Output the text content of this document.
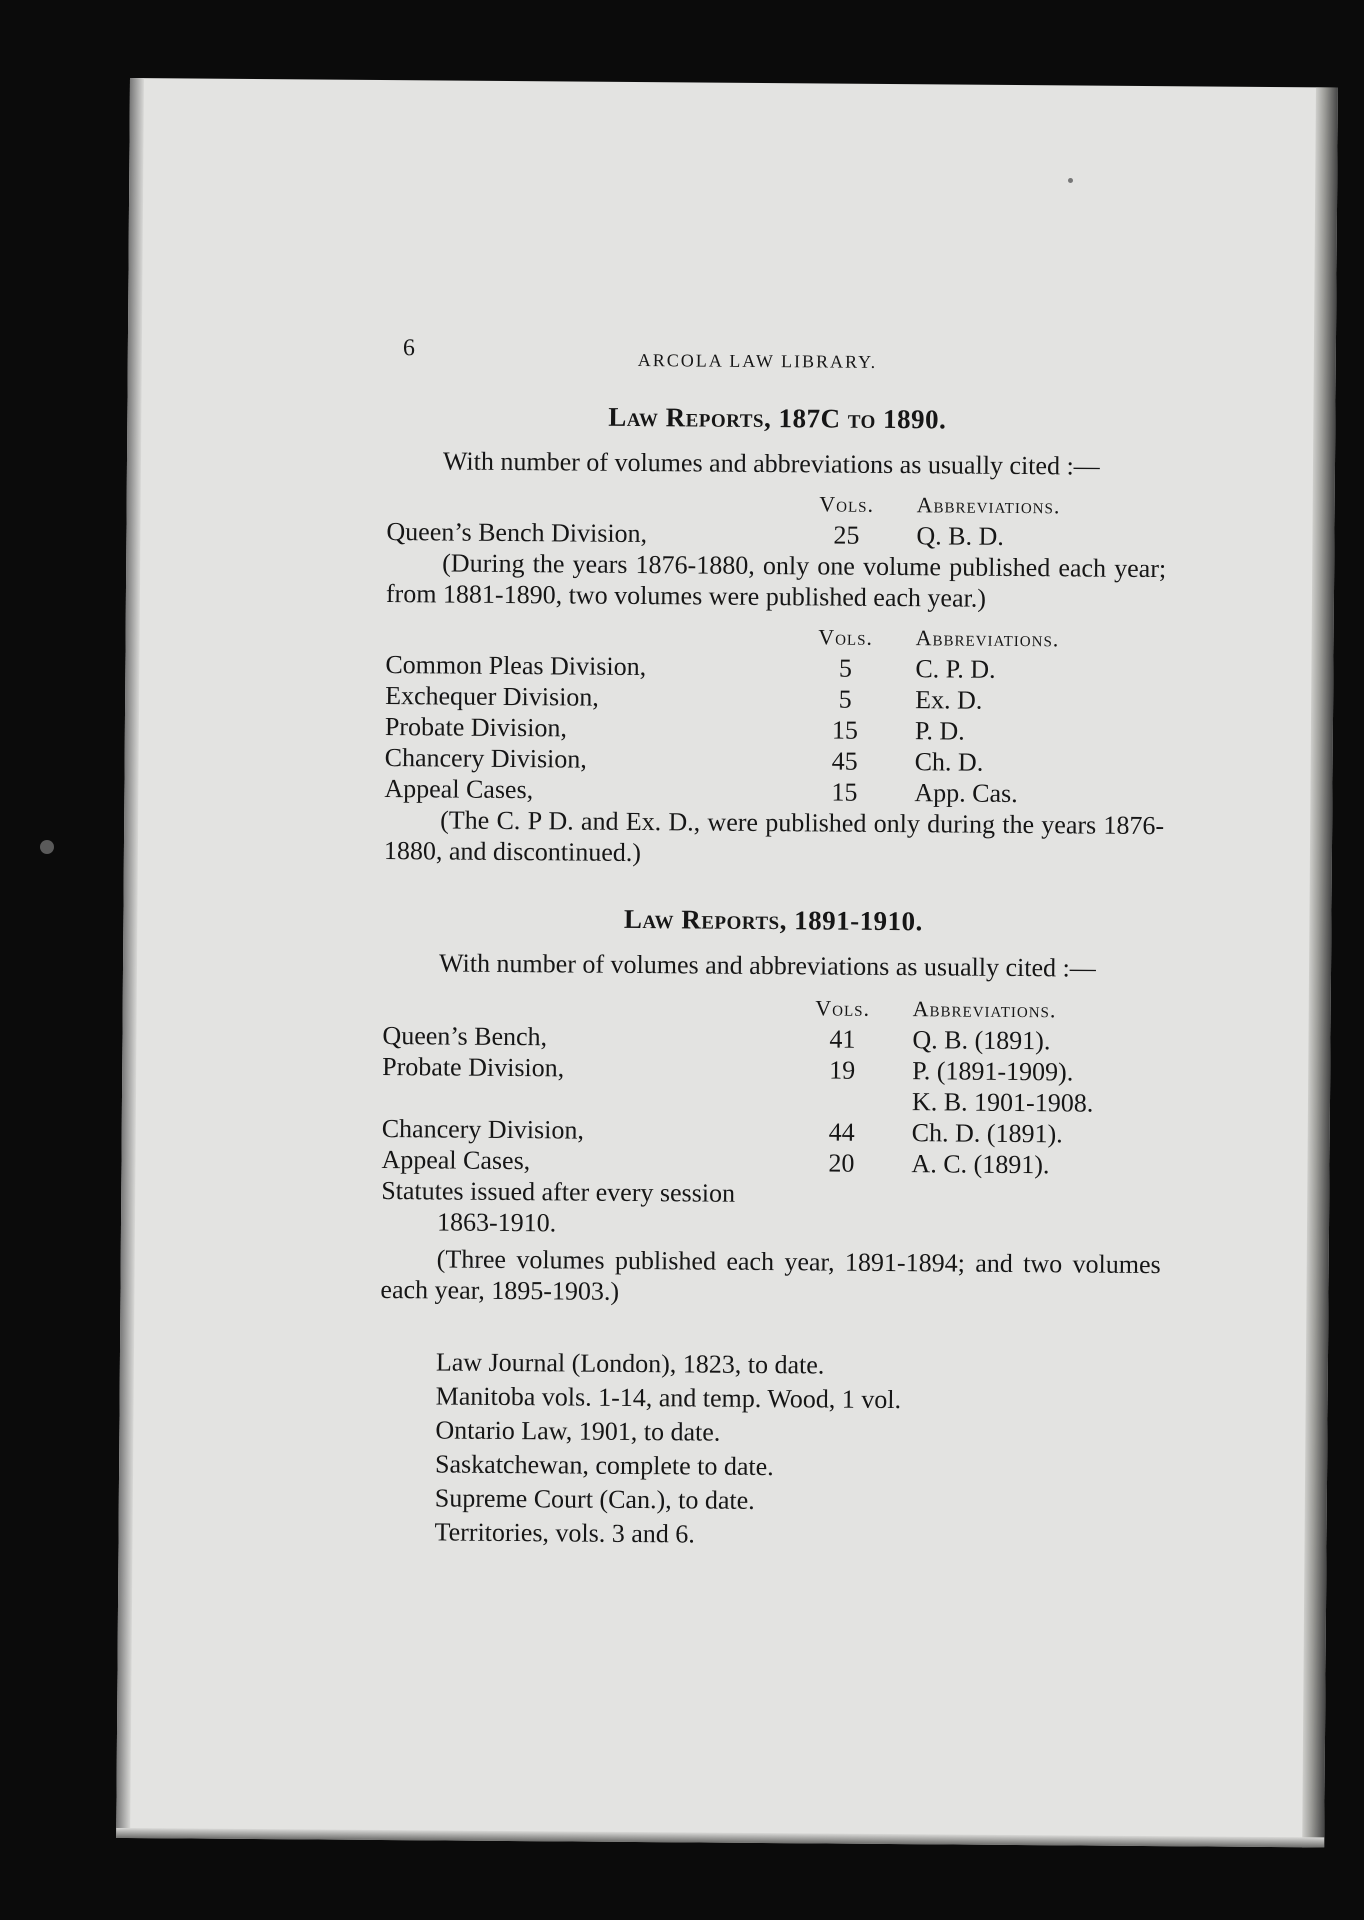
6	ARCOLA LAW LIBRARY.
Law Reports, 187C to 1890.

With number of volumes and abbreviations as usually cited :—

	Vols.	Abbreviations.
Queen’s Bench Division,	25	Q. B. D.

(During the years 1876-1880, only one volume published each year; from 1881-1890, two volumes were published each year.)

	Vols.	Abbreviations.
Common Pleas Division,	5	C. P. D.
Exchequer Division,	5	Ex. D.
Probate Division,	15	P. D.
Chancery Division,	45	Ch. D.
Appeal Cases,	15	App. Cas.

(The C. P D. and Ex. D., were published only during the years 1876-1880, and discontinued.)

Law Reports, 1891-1910.

With number of volumes and abbreviations as usually cited :—

	Vols.	Abbreviations.
Queen’s Bench,	41	Q. B. (1891).
Probate Division,	19	P. (1891-1909).
		K. B. 1901-1908.
Chancery Division,	44	Ch. D. (1891).
Appeal Cases,	20	A. C. (1891).

Statutes issued after every session

1863-1910.

(Three volumes published each year, 1891-1894; and two volumes each year, 1895-1903.)

Law Journal (London), 1823, to date.
Manitoba vols. 1-14, and temp. Wood, 1 vol.
Ontario Law, 1901, to date.
Saskatchewan, complete to date.
Supreme Court (Can.), to date.
Territories, vols. 3 and 6.
